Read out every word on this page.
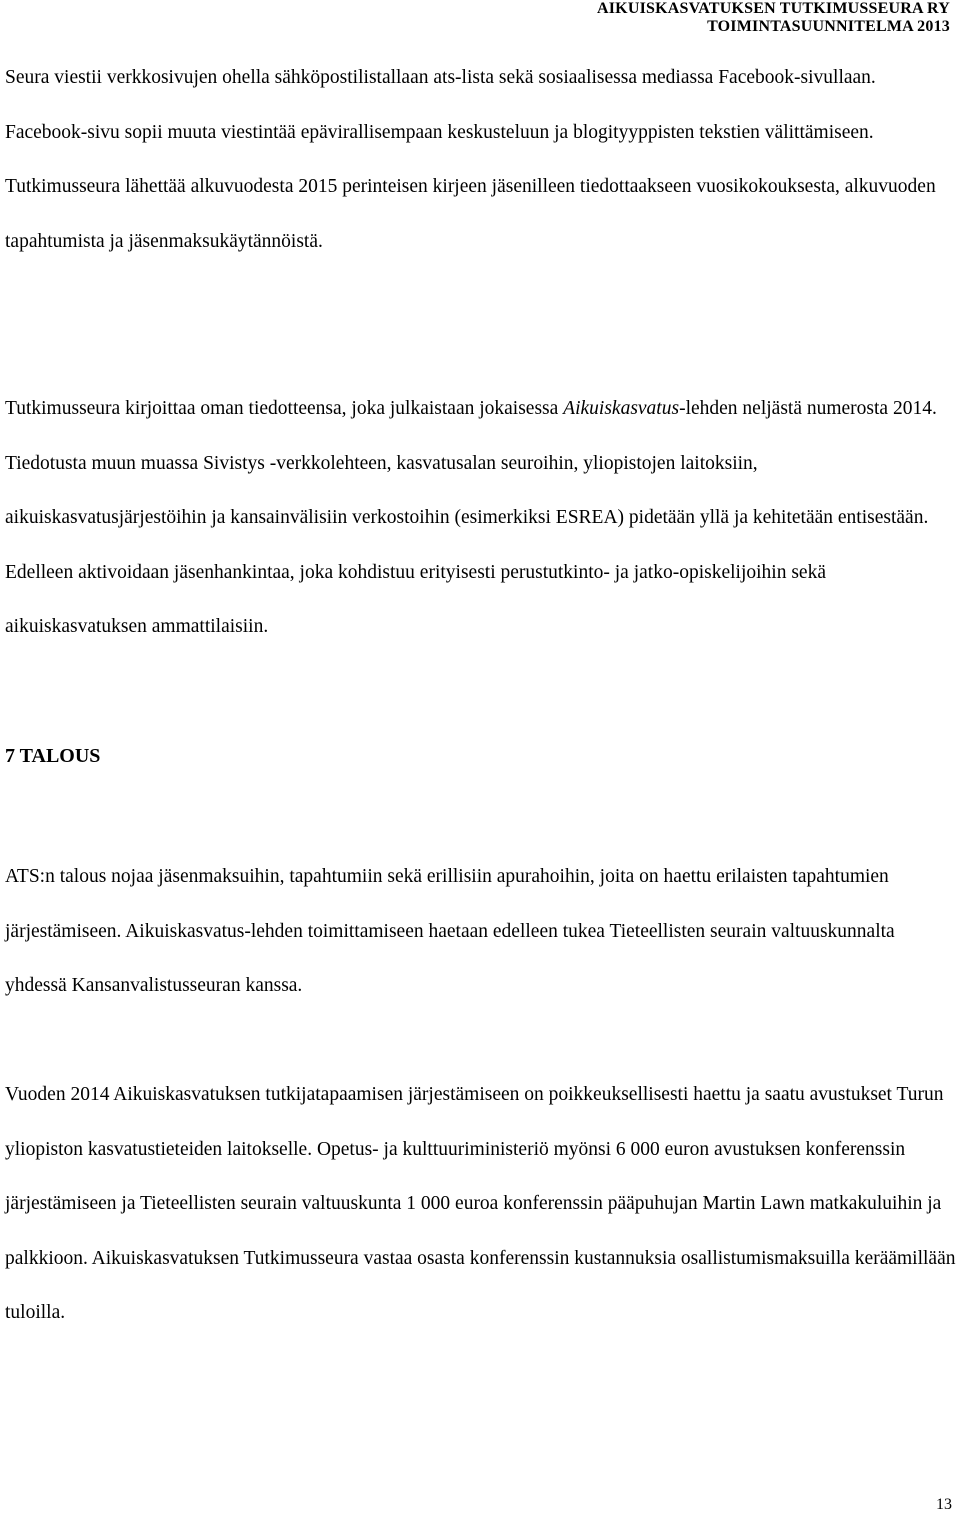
AIKUISKASVATUKSEN TUTKIMUSSEURA RY
TOIMINTASUUNNITELMA 2013

Seura viestii verkkosivujen ohella sähköpostilistallaan ats-lista sekä sosiaalisessa mediassa Facebook-sivullaan. Facebook-sivu sopii muuta viestintää epävirallisempaan keskusteluun ja blogityyppisten tekstien välittämiseen. Tutkimusseura lähettää alkuvuodesta 2015 perinteisen kirjeen jäsenilleen tiedottaakseen vuosikokouksesta, alkuvuoden tapahtumista ja jäsenmaksukäytännöistä.

Tutkimusseura kirjoittaa oman tiedotteensa, joka julkaistaan jokaisessa Aikuiskasvatus-lehden neljästä numerosta 2014. Tiedotusta muun muassa Sivistys -verkkolehteen, kasvatusalan seuroihin, yliopistojen laitoksiin, aikuiskasvatusjärjestöihin ja kansainvälisiin verkostoihin (esimerkiksi ESREA) pidetään yllä ja kehitetään entisestään. Edelleen aktivoidaan jäsenhankintaa, joka kohdistuu erityisesti perustutkinto- ja jatko-opiskelijoihin sekä aikuiskasvatuksen ammattilaisiin.

7 TALOUS

ATS:n talous nojaa jäsenmaksuihin, tapahtumiin sekä erillisiin apurahoihin, joita on haettu erilaisten tapahtumien järjestämiseen. Aikuiskasvatus-lehden toimittamiseen haetaan edelleen tukea Tieteellisten seurain valtuuskunnalta yhdessä Kansanvalistusseuran kanssa.

Vuoden 2014 Aikuiskasvatuksen tutkijatapaamisen järjestämiseen on poikkeuksellisesti haettu ja saatu avustukset Turun yliopiston kasvatustieteiden laitokselle. Opetus- ja kulttuuriministeriö myönsi 6 000 euron avustuksen konferenssin järjestämiseen ja Tieteellisten seurain valtuuskunta 1 000 euroa konferenssin pääpuhujan Martin Lawn matkakuluihin ja palkkioon. Aikuiskasvatuksen Tutkimusseura vastaa osasta konferenssin kustannuksia osallistumismaksuilla keräämillään tuloilla.

13
